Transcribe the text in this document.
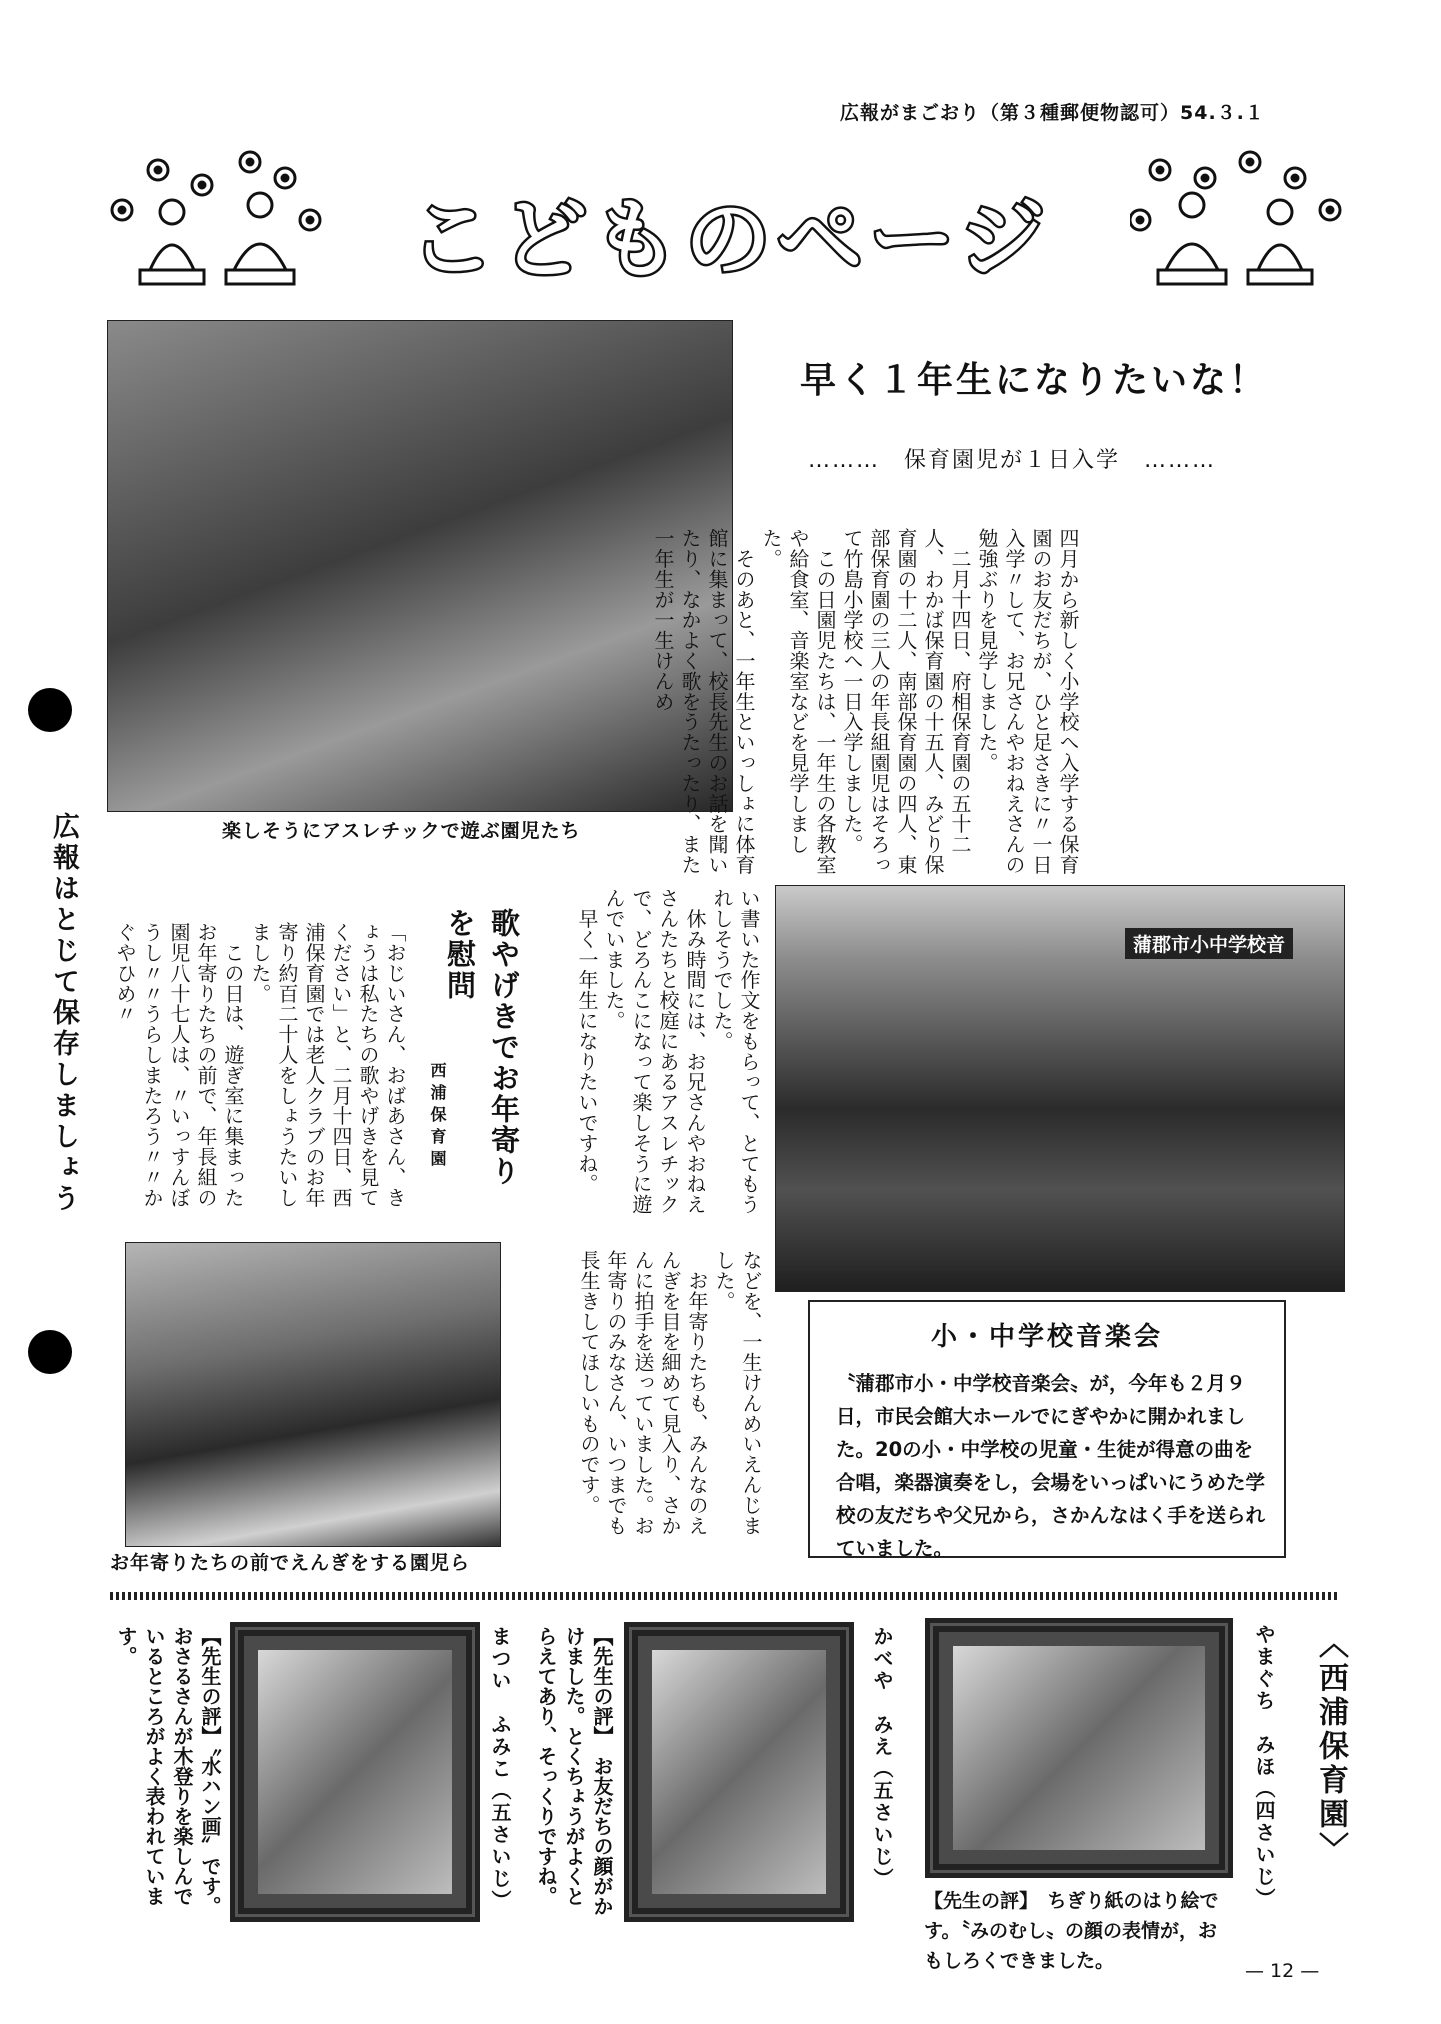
広報がまごおり（第３種郵便物認可）54.３.１
こどものページ
広報はとじて保存しましょう	楽しそうにアスレチックで遊ぶ園児たち
早く１年生になりたいな！
………　保育園児が１日入学　………
四月から新しく小学校へ入学する保育園のお友だちが、ひと足さきに〃一日入学〃して、お兄さんやおねえさんの勉強ぶりを見学しました。
　二月十四日、府相保育園の五十二人、わかば保育園の十五人、みどり保育園の十二人、南部保育園の四人、東部保育園の三人の年長組園児はそろって竹島小学校へ一日入学しました。
　この日園児たちは、一年生の各教室や給食室、音楽室などを見学しました。
　そのあと、一年生といっしょに体育館に集まって、校長先生のお話を聞いたり、なかよく歌をうたったり、また一年生が一生けんめ
蒲郡市小中学校音
い書いた作文をもらって、とてもうれしそうでした。
　休み時間には、お兄さんやおねえさんたちと校庭にあるアスレチックで、どろんこになって楽しそうに遊んでいました。
　早く一年生になりたいですね。
歌やげきでお年寄りを慰問
西浦保育園
「おじいさん、おばあさん、きょうは私たちの歌やげきを見てください」と、二月十四日、西浦保育園では老人クラブのお年寄り約百二十人をしょうたいしました。
　この日は、遊ぎ室に集まったお年寄りたちの前で、年長組の園児八十七人は、〃いっすんぼうし〃〃うらしまたろう〃〃かぐやひめ〃
お年寄りたちの前でえんぎをする園児ら
などを、一生けんめいえんじました。
　お年寄りたちも、みんなのえんぎを目を細めて見入り、さかんに拍手を送っていました。お年寄りのみなさん、いつまでも長生きしてほしいものです。	小・中学校音楽会
〝蒲郡市小・中学校音楽会〟が，今年も２月９日，市民会館大ホールでにぎやかに開かれました。20の小・中学校の児童・生徒が得意の曲を合唱，楽器演奏をし，会場をいっぱいにうめた学校の友だちや父兄から，さかんなはく手を送られていました。
〈西浦保育園〉
やまぐち　みほ（四さいじ）
【先生の評】　ちぎり紙のはり絵です。〝みのむし〟の顔の表情が，おもしろくできました。
かべや　みえ（五さいじ）
【先生の評】　お友だちの顔がかけました。とくちょうがよくとらえてあり、そっくりですね。
まつい　ふみこ（五さいじ）
【先生の評】〝水ハン画〟です。おさるさんが木登りを楽しんでいるところがよく表われています。
— 12 —
